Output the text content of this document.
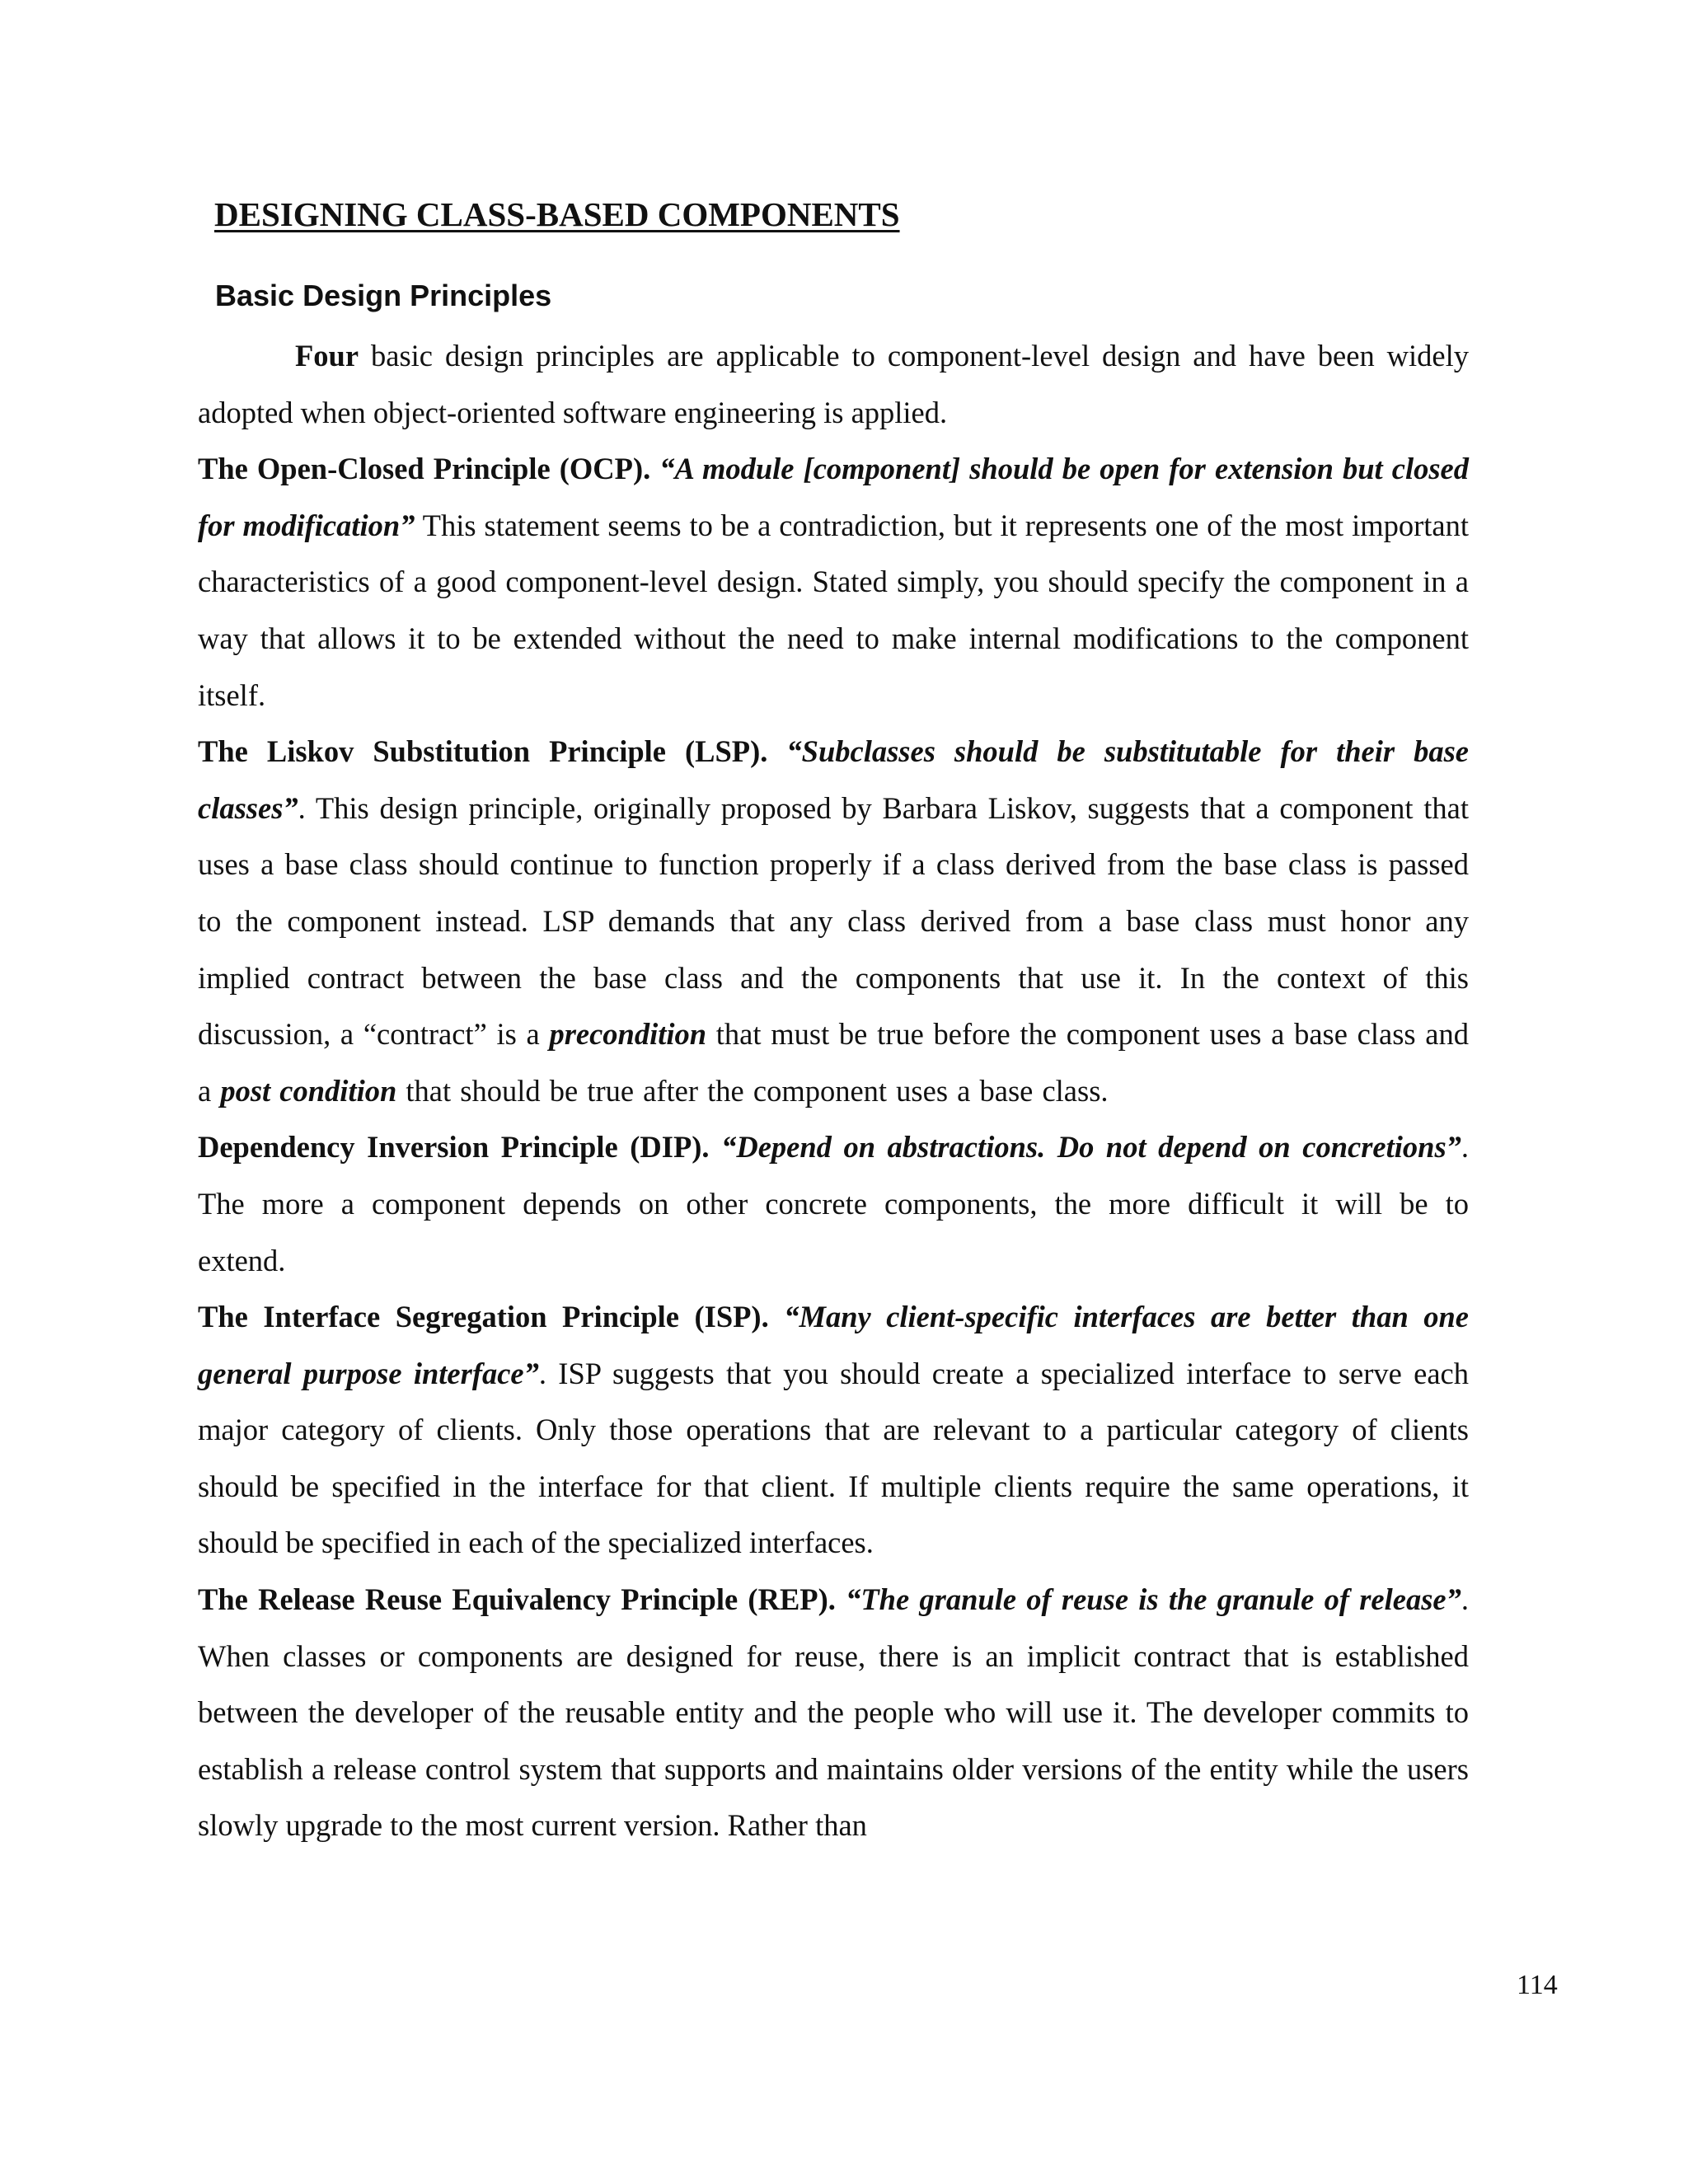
DESIGNING CLASS-BASED COMPONENTS
Basic Design Principles

Four basic design principles are applicable to component-level design and have been widely adopted when object-oriented software engineering is applied.

The Open-Closed Principle (OCP). “A module [component] should be open for extension but closed for modification” This statement seems to be a contradiction, but it represents one of the most important characteristics of a good component-level design. Stated simply, you should specify the component in a way that allows it to be extended without the need to make internal modifications to the component itself.

The Liskov Substitution Principle (LSP). “Subclasses should be substitutable for their base classes”. This design principle, originally proposed by Barbara Liskov, suggests that a component that uses a base class should continue to function properly if a class derived from the base class is passed to the component instead. LSP demands that any class derived from a base class must honor any implied contract between the base class and the components that use it. In the context of this discussion, a “contract” is a precondition that must be true before the component uses a base class and a post condition that should be true after the component uses a base class.

Dependency Inversion Principle (DIP). “Depend on abstractions. Do not depend on concretions”. The more a component depends on other concrete components, the more difficult it will be to extend.

The Interface Segregation Principle (ISP). “Many client-specific interfaces are better than one general purpose interface”. ISP suggests that you should create a specialized interface to serve each major category of clients. Only those operations that are relevant to a particular category of clients should be specified in the interface for that client. If multiple clients require the same operations, it should be specified in each of the specialized interfaces.

The Release Reuse Equivalency Principle (REP). “The granule of reuse is the granule of release”. When classes or components are designed for reuse, there is an implicit contract that is established between the developer of the reusable entity and the people who will use it. The developer commits to establish a release control system that supports and maintains older versions of the entity while the users slowly upgrade to the most current version. Rather than

114
